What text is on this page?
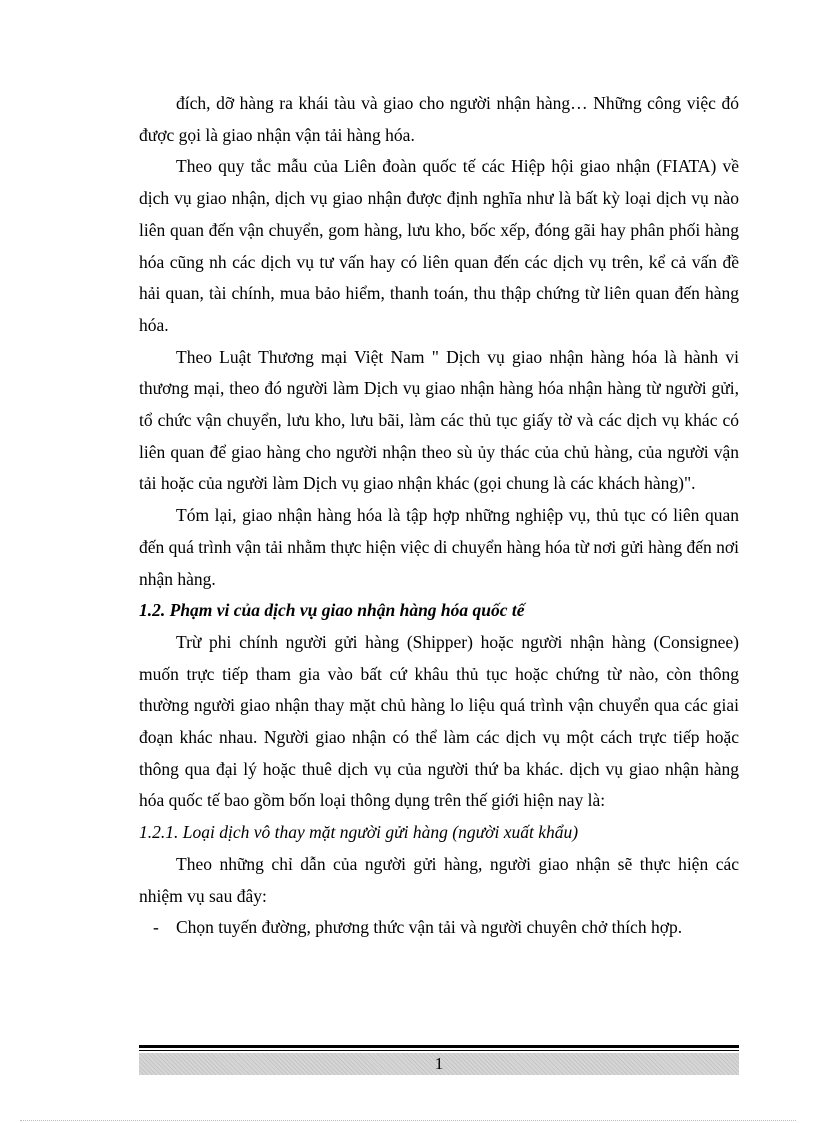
đích, dỡ hàng ra khái tàu và giao cho người nhận hàng… Những công việc đó được gọi là giao nhận vận tải hàng hóa.

Theo quy tắc mẫu của Liên đoàn quốc tế các Hiệp hội giao nhận (FIATA) về dịch vụ giao nhận, dịch vụ giao nhận được định nghĩa như là bất kỳ loại dịch vụ nào liên quan đến vận chuyển, gom hàng, lưu kho, bốc xếp, đóng gãi hay phân phối hàng hóa cũng nh các dịch vụ tư vấn hay có liên quan đến các dịch vụ trên, kể cả vấn đề hải quan, tài chính, mua bảo hiểm, thanh toán, thu thập chứng từ liên quan đến hàng hóa.

Theo Luật Thương mại Việt Nam " Dịch vụ giao nhận hàng hóa là hành vi thương mại, theo đó người làm Dịch vụ giao nhận hàng hóa nhận hàng từ người gửi, tổ chức vận chuyển, lưu kho, lưu bãi, làm các thủ tục giấy tờ và các dịch vụ khác có liên quan để giao hàng cho người nhận theo sù ủy thác của chủ hàng, của người vận tải hoặc của người làm Dịch vụ giao nhận khác (gọi chung là các khách hàng)".

Tóm lại, giao nhận hàng hóa là tập hợp những nghiệp vụ, thủ tục có liên quan đến quá trình vận tải nhằm thực hiện việc di chuyển hàng hóa từ nơi gửi hàng đến nơi nhận hàng.

1.2. Phạm vi của dịch vụ giao nhận hàng hóa quốc tế

Trừ phi chính người gửi hàng (Shipper) hoặc người nhận hàng (Consignee) muốn trực tiếp tham gia vào bất cứ khâu thủ tục hoặc chứng từ nào, còn thông thường người giao nhận thay mặt chủ hàng lo liệu quá trình vận chuyển qua các giai đoạn khác nhau. Người giao nhận có thể làm các dịch vụ một cách trực tiếp hoặc thông qua đại lý hoặc thuê dịch vụ của người thứ ba khác. dịch vụ giao nhận hàng hóa quốc tế bao gồm bốn loại thông dụng trên thế giới hiện nay là:

1.2.1. Loại dịch vô thay mặt người gửi hàng (người xuất khẩu)

Theo những chỉ dẫn của người gửi hàng, người giao nhận sẽ thực hiện các nhiệm vụ sau đây:

- Chọn tuyến đường, phương thức vận tải và người chuyên chở thích hợp.

1
